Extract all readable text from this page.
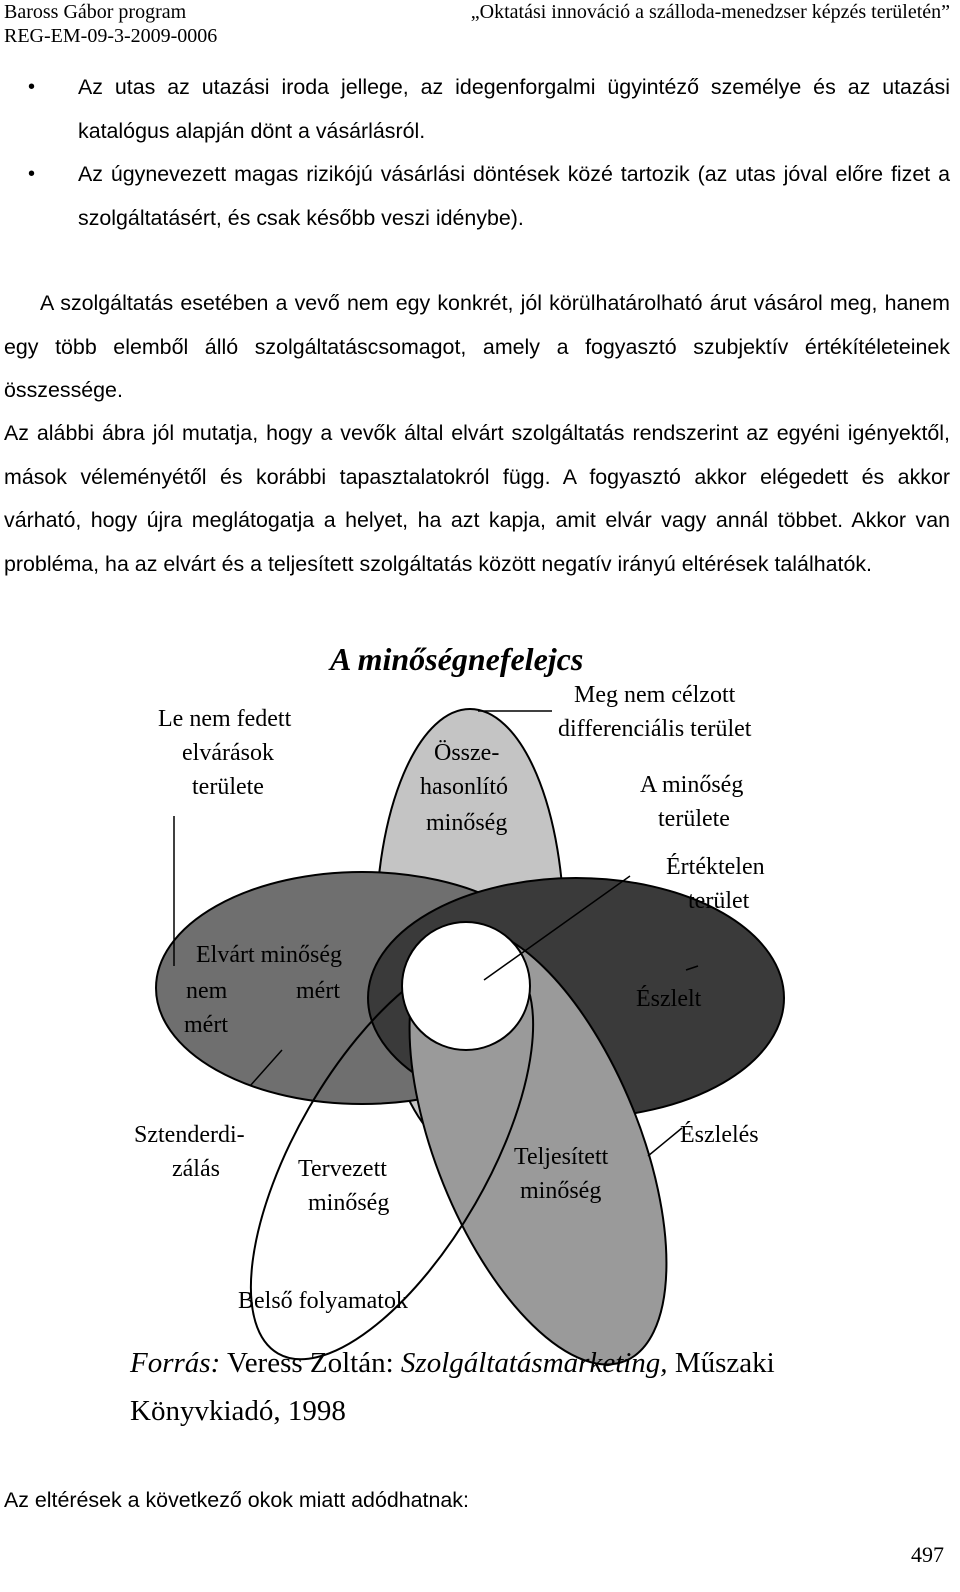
Baross Gábor program
REG-EM-09-3-2009-0006
„Oktatási innováció a szálloda-menedzser képzés területén”
• Az utas az utazási iroda jellege, az idegenforgalmi ügyintéző személye és az utazási katalógus alapján dönt a vásárlásról.
• Az úgynevezett magas rizikójú vásárlási döntések közé tartozik (az utas jóval előre fizet a szolgáltatásért, és csak később veszi idénybe).

A szolgáltatás esetében a vevő nem egy konkrét, jól körülhatárolható árut vásárol meg, hanem egy több elemből álló szolgáltatáscsomagot, amely a fogyasztó szubjektív értékítéleteinek összessége.

Az alábbi ábra jól mutatja, hogy a vevők által elvárt szolgáltatás rendszerint az egyéni igényektől, mások véleményétől és korábbi tapasztalatokról függ. A fogyasztó akkor elégedett és akkor várható, hogy újra meglátogatja a helyet, ha azt kapja, amit elvár vagy annál többet. Akkor van probléma, ha az elvárt és a teljesített szolgáltatás között negatív irányú eltérések találhatók.

A minőségnefelejcs
Le nem fedett elvárások területe
Össze- hasonlító minőség
Meg nem célzott differenciális terület
A minőség területe
Értéktelen terület
Elvárt minőség
nem mért
mért	Észlelt
Sztenderdi- zálás
Észlelés
Tervezett minőség
Teljesített minőség
Belső folyamatok
Forrás: Veress Zoltán: Szolgáltatásmarketing, Műszaki
Könyvkiadó, 1998

Az eltérések a következő okok miatt adódhatnak:

497
